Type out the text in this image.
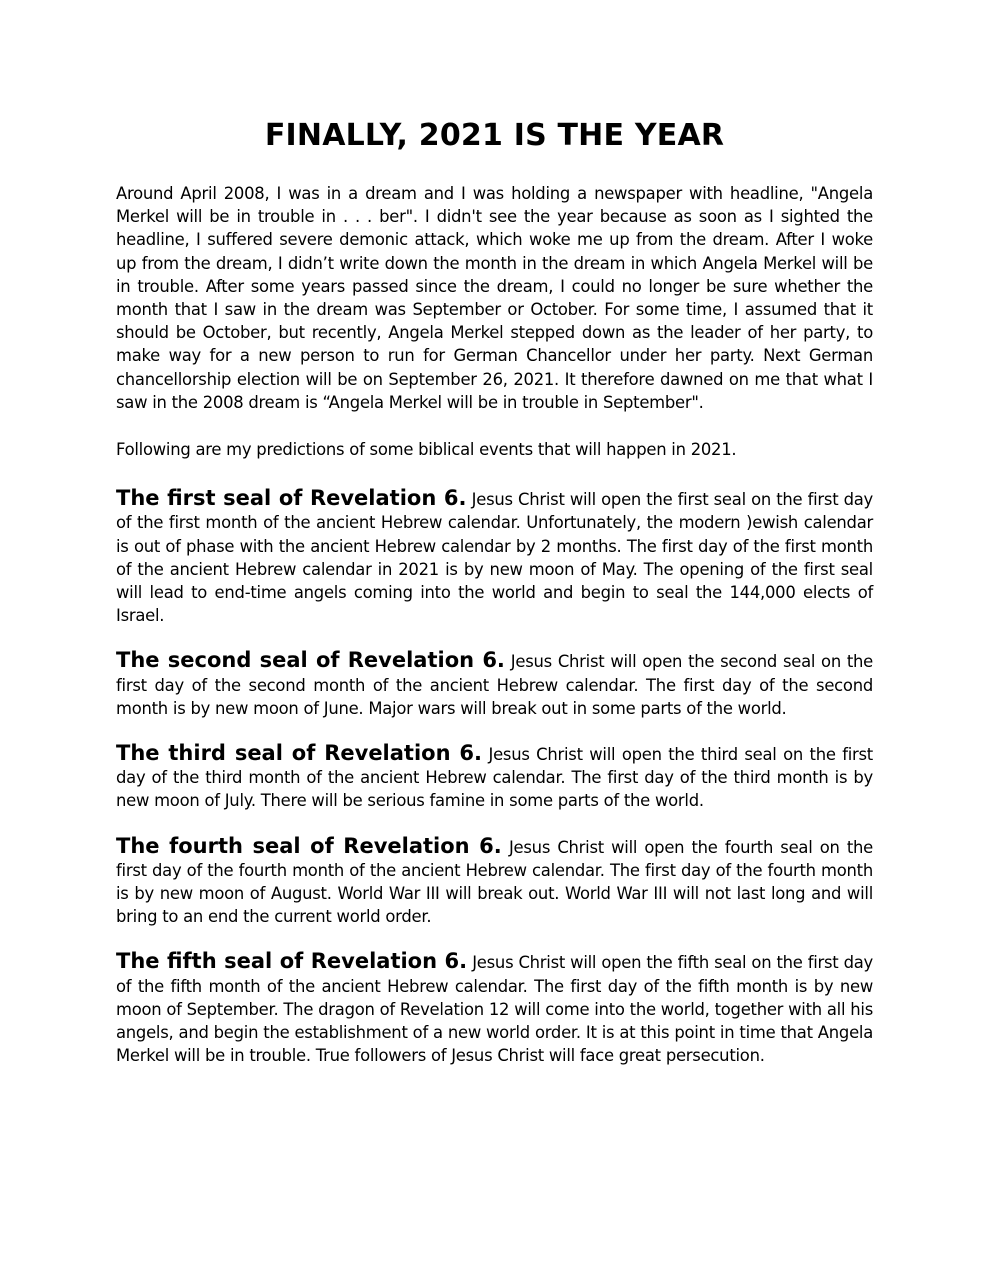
FINALLY, 2021 IS THE YEAR

Around April 2008, I was in a dream and I was holding a newspaper with headline, "Angela Merkel will be in trouble in . . . ber". I didn't see the year because as soon as I sighted the headline, I suffered severe demonic attack, which woke me up from the dream. After I woke up from the dream, I didn’t write down the month in the dream in which Angela Merkel will be in trouble. After some years passed since the dream, I could no longer be sure whether the month that I saw in the dream was September or October. For some time, I assumed that it should be October, but recently, Angela Merkel stepped down as the leader of her party, to make way for a new person to run for German Chancellor under her party. Next German chancellorship election will be on September 26, 2021. It therefore dawned on me that what I saw in the 2008 dream is “Angela Merkel will be in trouble in September".

Following are my predictions of some biblical events that will happen in 2021.

The first seal of Revelation 6. Jesus Christ will open the first seal on the first day of the first month of the ancient Hebrew calendar. Unfortunately, the modern )ewish calendar is out of phase with the ancient Hebrew calendar by 2 months. The first day of the first month of the ancient Hebrew calendar in 2021 is by new moon of May. The opening of the first seal will lead to end-time angels coming into the world and begin to seal the 144,000 elects of Israel.

The second seal of Revelation 6. Jesus Christ will open the second seal on the first day of the second month of the ancient Hebrew calendar. The first day of the second month is by new moon of June. Major wars will break out in some parts of the world.

The third seal of Revelation 6. Jesus Christ will open the third seal on the first day of the third month of the ancient Hebrew calendar. The first day of the third month is by new moon of July. There will be serious famine in some parts of the world.

The fourth seal of Revelation 6. Jesus Christ will open the fourth seal on the first day of the fourth month of the ancient Hebrew calendar. The first day of the fourth month is by new moon of August. World War III will break out. World War III will not last long and will bring to an end the current world order.

The fifth seal of Revelation 6. Jesus Christ will open the fifth seal on the first day of the fifth month of the ancient Hebrew calendar. The first day of the fifth month is by new moon of September. The dragon of Revelation 12 will come into the world, together with all his angels, and begin the establishment of a new world order. It is at this point in time that Angela Merkel will be in trouble. True followers of Jesus Christ will face great persecution.
